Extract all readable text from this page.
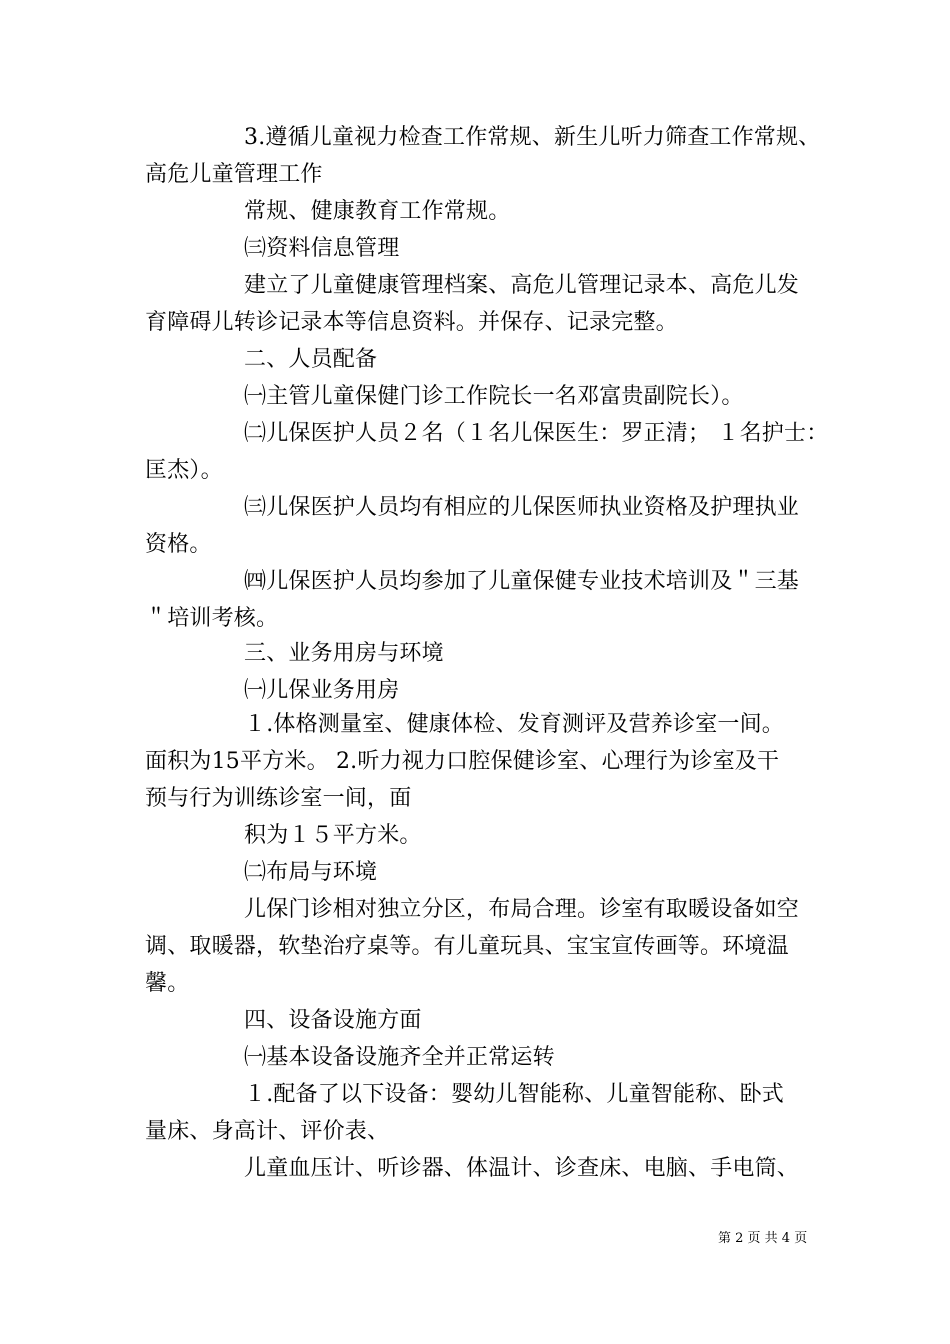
3.遵循儿童视力检查工作常规、新生儿听力筛查工作常规、
高危儿童管理工作
常规、健康教育工作常规。
㈢资料信息管理
建立了儿童健康管理档案、高危儿管理记录本、高危儿发
育障碍儿转诊记录本等信息资料。并保存、记录完整。
二、人员配备
㈠主管儿童保健门诊工作院长一名邓富贵副院长）。
㈡儿保医护人员２名（１名儿保医生：罗正清； １名护士：
匡杰）。
㈢儿保医护人员均有相应的儿保医师执业资格及护理执业
资格。
㈣儿保医护人员均参加了儿童保健专业技术培训及＂三基
＂培训考核。
三、业务用房与环境
㈠儿保业务用房
１.体格测量室、健康体检、发育测评及营养诊室一间。
面积为15平方米。 2.听力视力口腔保健诊室、心理行为诊室及干
预与行为训练诊室一间，面
积为１５平方米。
㈡布局与环境
儿保门诊相对独立分区，布局合理。诊室有取暖设备如空
调、取暖器，软垫治疗桌等。有儿童玩具、宝宝宣传画等。环境温
馨。
四、设备设施方面
㈠基本设备设施齐全并正常运转
１.配备了以下设备：婴幼儿智能称、儿童智能称、卧式
量床、身高计、评价表、
儿童血压计、听诊器、体温计、诊查床、电脑、手电筒、
第 2 页 共 4 页
